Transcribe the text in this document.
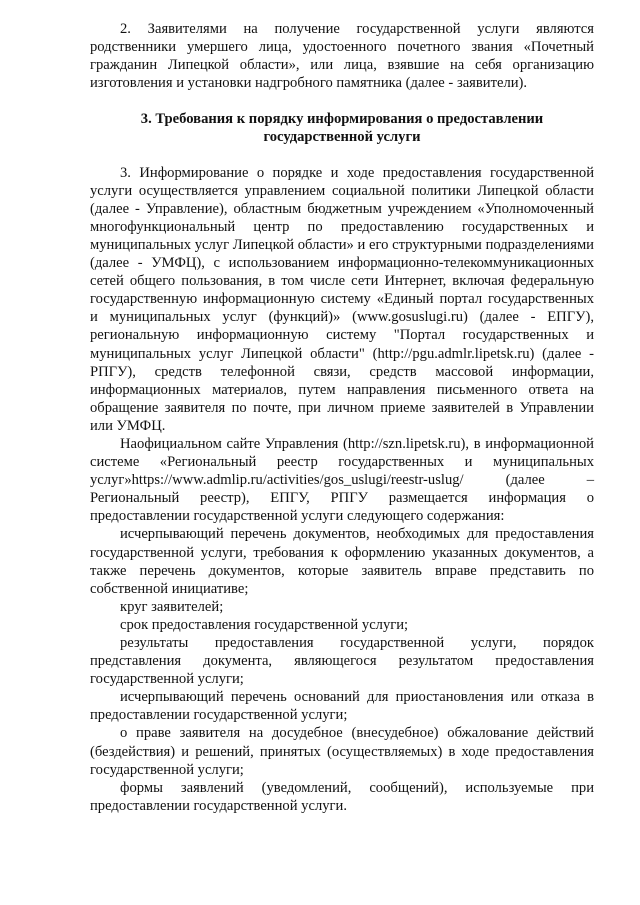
2. Заявителями на получение государственной услуги являются родственники умершего лица, удостоенного почетного звания «Почетный гражданин Липецкой области», или лица, взявшие на себя организацию изготовления и установки надгробного памятника (далее - заявители).

3. Требования к порядку информирования о предоставлении государственной услуги

3. Информирование о порядке и ходе предоставления государственной услуги осуществляется управлением социальной политики Липецкой области (далее - Управление), областным бюджетным учреждением «Уполномоченный многофункциональный центр по предоставлению государственных и муниципальных услуг Липецкой области» и его структурными подразделениями (далее - УМФЦ), с использованием информационно-телекоммуникационных сетей общего пользования, в том числе сети Интернет, включая федеральную государственную информационную систему «Единый портал государственных и муниципальных услуг (функций)» (www.gosuslugi.ru) (далее - ЕПГУ), региональную информационную систему "Портал государственных и муниципальных услуг Липецкой области" (http://pgu.admlr.lipetsk.ru) (далее - РПГУ), средств телефонной связи, средств массовой информации, информационных материалов, путем направления письменного ответа на обращение заявителя по почте, при личном приеме заявителей в Управлении или УМФЦ.

Наофициальном сайте Управления (http://szn.lipetsk.ru), в информационной системе «Региональный реестр государственных и муниципальных услуг»https://www.admlip.ru/activities/gos_uslugi/reestr-uslug/ (далее – Региональный реестр), ЕПГУ, РПГУ размещается информация о предоставлении государственной услуги следующего содержания:

исчерпывающий перечень документов, необходимых для предоставления государственной услуги, требования к оформлению указанных документов, а также перечень документов, которые заявитель вправе представить по собственной инициативе;

круг заявителей;

срок предоставления государственной услуги;

результаты предоставления государственной услуги, порядок представления документа, являющегося результатом предоставления государственной услуги;

исчерпывающий перечень оснований для приостановления или отказа в предоставлении государственной услуги;

о праве заявителя на досудебное (внесудебное) обжалование действий (бездействия) и решений, принятых (осуществляемых) в ходе предоставления государственной услуги;

формы заявлений (уведомлений, сообщений), используемые при предоставлении государственной услуги.
